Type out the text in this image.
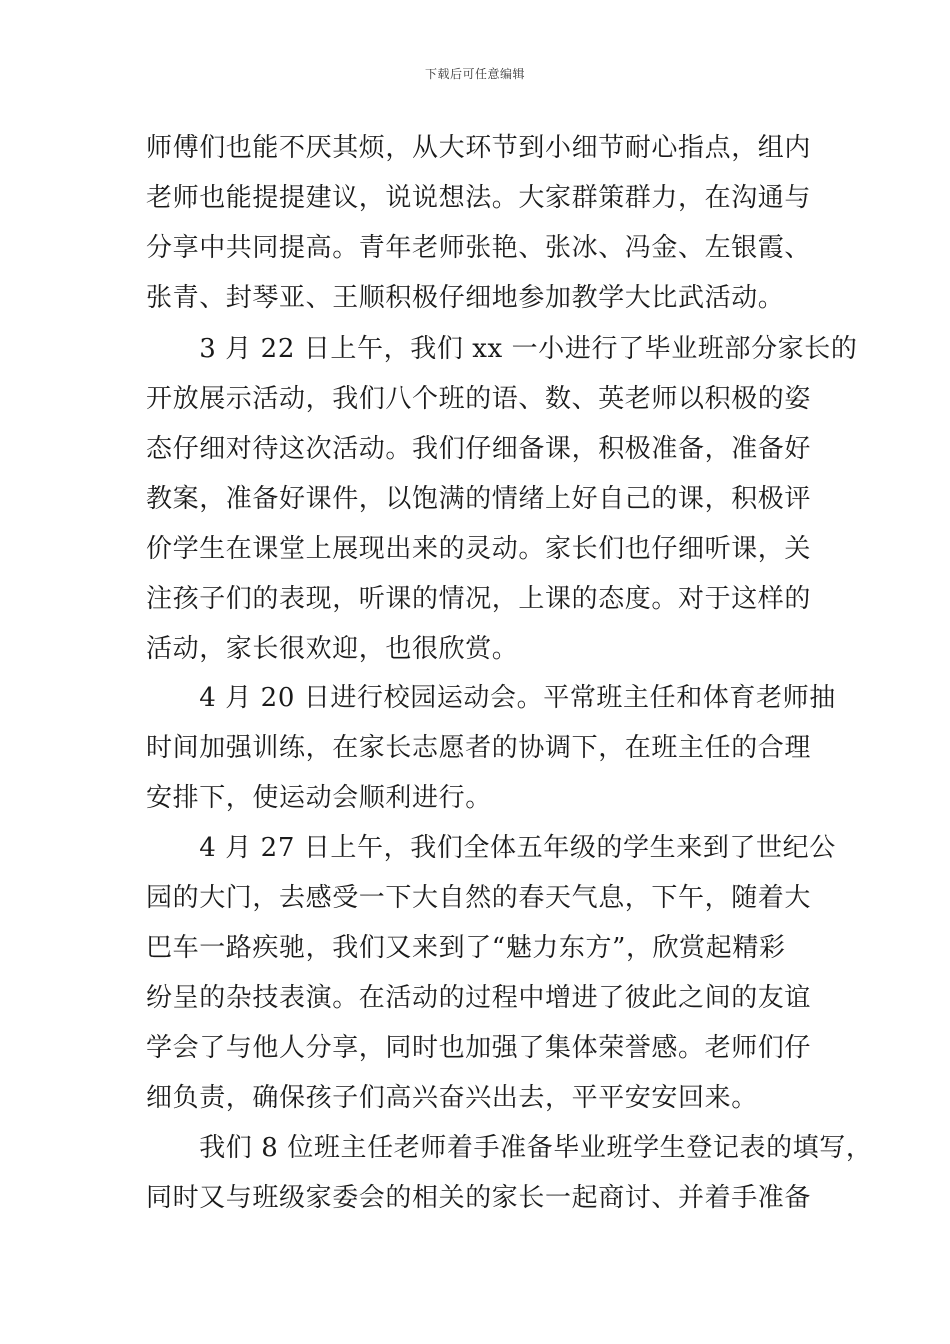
下载后可任意编辑
师傅们也能不厌其烦，从大环节到小细节耐心指点，组内
老师也能提提建议，说说想法。大家群策群力，在沟通与
分享中共同提高。青年老师张艳、张冰、冯金、左银霞、
张青、封琴亚、王顺积极仔细地参加教学大比武活动。
　　3 月 22 日上午，我们 xx 一小进行了毕业班部分家长的
开放展示活动，我们八个班的语、数、英老师以积极的姿
态仔细对待这次活动。我们仔细备课，积极准备，准备好
教案，准备好课件，以饱满的情绪上好自己的课，积极评
价学生在课堂上展现出来的灵动。家长们也仔细听课，关
注孩子们的表现，听课的情况，上课的态度。对于这样的
活动，家长很欢迎，也很欣赏。
　　4 月 20 日进行校园运动会。平常班主任和体育老师抽
时间加强训练，在家长志愿者的协调下，在班主任的合理
安排下，使运动会顺利进行。
　　4 月 27 日上午，我们全体五年级的学生来到了世纪公
园的大门，去感受一下大自然的春天气息，下午，随着大
巴车一路疾驰，我们又来到了“魅力东方”，欣赏起精彩
纷呈的杂技表演。在活动的过程中增进了彼此之间的友谊
学会了与他人分享，同时也加强了集体荣誉感。老师们仔
细负责，确保孩子们高兴奋兴出去，平平安安回来。
　　我们 8 位班主任老师着手准备毕业班学生登记表的填写，
同时又与班级家委会的相关的家长一起商讨、并着手准备
